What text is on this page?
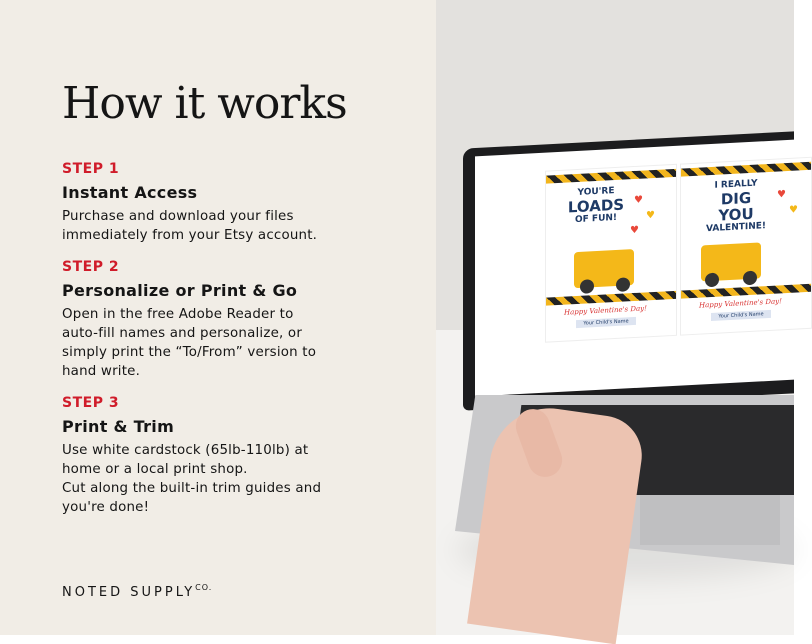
How it works
STEP 1
Instant Access
Purchase and download your files
immediately from your Etsy account.
STEP 2
Personalize or Print & Go
Open in the free Adobe Reader to
auto-fill names and personalize, or
simply print the “To/From” version to
hand write.
STEP 3
Print & Trim
Use white cardstock (65lb-110lb) at
home or a local print shop.
Cut along the built-in trim guides and
you're done!
NOTED $SUPPLY^{CO.}$
YOU'RE
LOADS
OF FUN!
♥
♥
♥
Happy Valentine's Day!
Your Child's Name
I REALLY
DIG YOU
VALENTINE!
♥
♥
Happy Valentine's Day!
Your Child's Name
